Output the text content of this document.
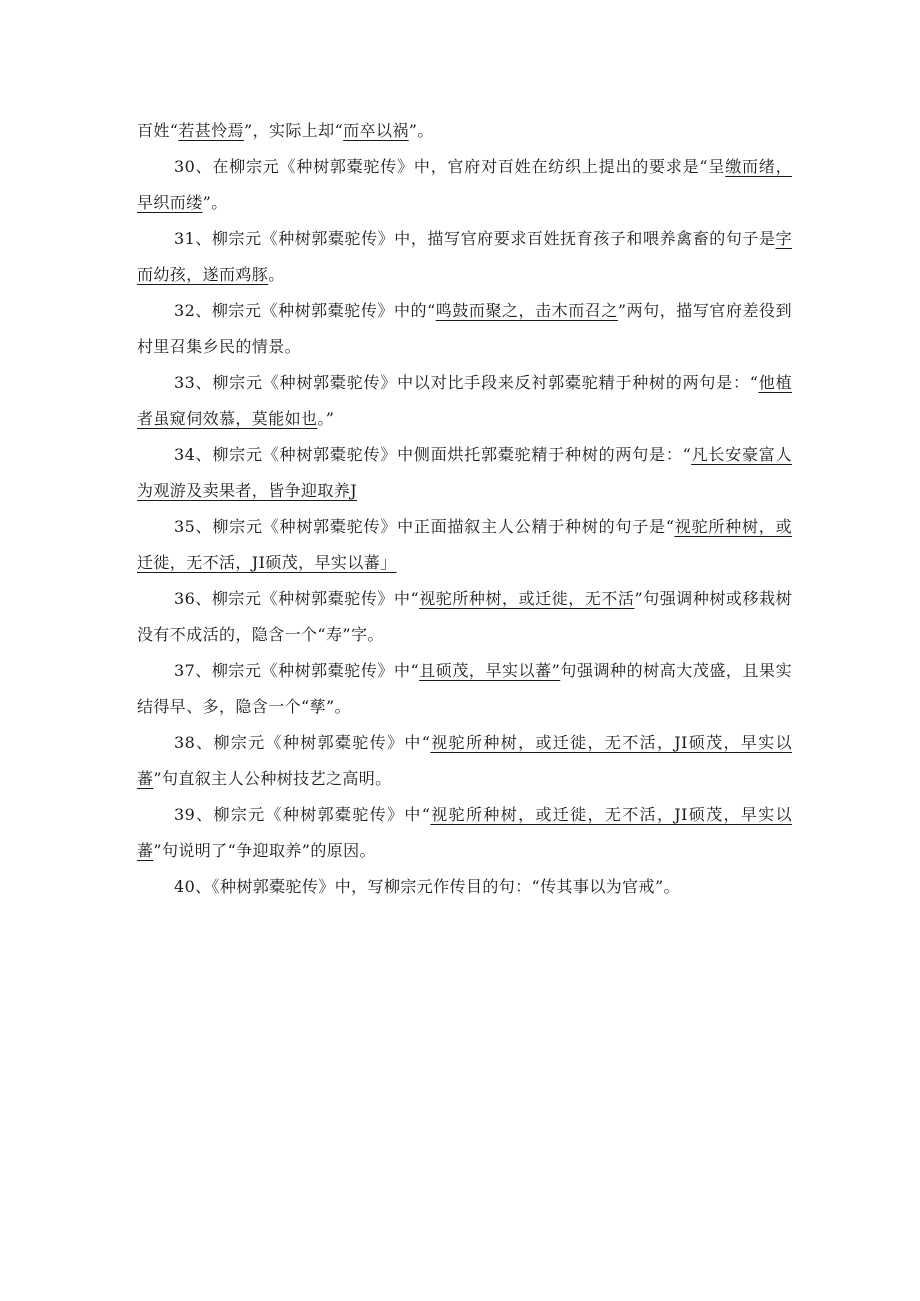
百姓“若甚怜焉”，实际上却“而卒以祸”。

30、在柳宗元《种树郭橐驼传》中，官府对百姓在纺织上提出的要求是“呈缴而绪，早织而缕”。

31、柳宗元《种树郭橐驼传》中，描写官府要求百姓抚育孩子和喂养禽畜的句子是字而幼孩，遂而鸡豚。

32、柳宗元《种树郭橐驼传》中的“鸣鼓而聚之，击木而召之”两句，描写官府差役到村里召集乡民的情景。

33、柳宗元《种树郭橐驼传》中以对比手段来反衬郭橐驼精于种树的两句是：“他植者虽窥伺效慕，莫能如也。”

34、柳宗元《种树郭橐驼传》中侧面烘托郭橐驼精于种树的两句是：“凡长安豪富人为观游及卖果者，皆争迎取养J

35、柳宗元《种树郭橐驼传》中正面描叙主人公精于种树的句子是“视驼所种树，或迁徙，无不活，JI硕茂，早实以蕃」

36、柳宗元《种树郭橐驼传》中“视驼所种树，或迁徙，无不活”句强调种树或移栽树没有不成活的，隐含一个“寿”字。

37、柳宗元《种树郭橐驼传》中“且硕茂，早实以蕃”句强调种的树高大茂盛，且果实结得早、多，隐含一个“孳”。

38、柳宗元《种树郭橐驼传》中“视驼所种树，或迁徙，无不活，JI硕茂，早实以蕃”句直叙主人公种树技艺之高明。

39、柳宗元《种树郭橐驼传》中“视驼所种树，或迁徙，无不活，JI硕茂，早实以蕃”句说明了“争迎取养”的原因。

40、《种树郭橐驼传》中，写柳宗元作传目的句：“传其事以为官戒”。
